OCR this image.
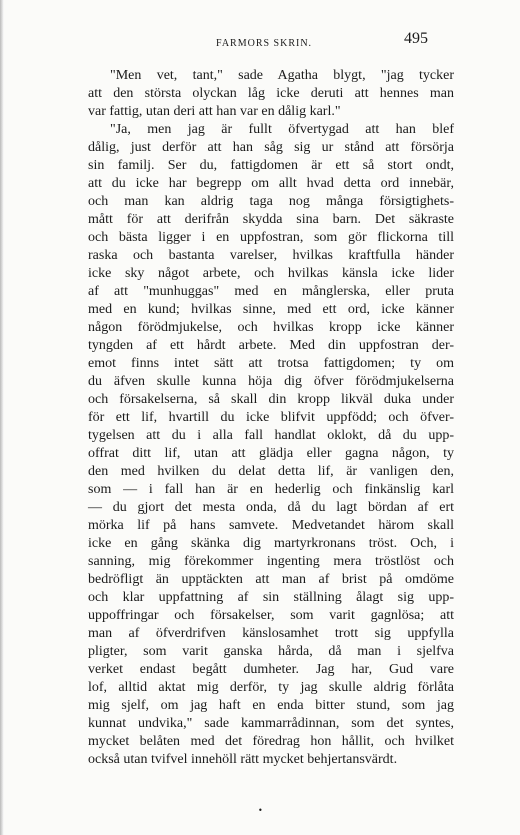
FARMORS SKRIN.	495
"Men vet, tant," sade Agatha blygt, "jag tycker
att den största olyckan låg icke deruti att hennes man
var fattig, utan deri att han var en dålig karl."
"Ja, men jag är fullt öfvertygad att han blef
dålig, just derför att han såg sig ur stånd att försörja
sin familj. Ser du, fattigdomen är ett så stort ondt,
att du icke har begrepp om allt hvad detta ord innebär,
och man kan aldrig taga nog många försigtighets-
mått för att derifrån skydda sina barn. Det säkraste
och bästa ligger i en uppfostran, som gör flickorna till
raska och bastanta varelser, hvilkas kraftfulla händer
icke sky något arbete, och hvilkas känsla icke lider
af att "munhuggas" med en månglerska, eller pruta
med en kund; hvilkas sinne, med ett ord, icke känner
någon förödmjukelse, och hvilkas kropp icke känner
tyngden af ett hårdt arbete. Med din uppfostran der-
emot finns intet sätt att trotsa fattigdomen; ty om
du äfven skulle kunna höja dig öfver förödmjukelserna
och försakelserna, så skall din kropp likväl duka under
för ett lif, hvartill du icke blifvit uppfödd; och öfver-
tygelsen att du i alla fall handlat oklokt, då du upp-
offrat ditt lif, utan att glädja eller gagna någon, ty
den med hvilken du delat detta lif, är vanligen den,
som — i fall han är en hederlig och finkänslig karl
— du gjort det mesta onda, då du lagt bördan af ert
mörka lif på hans samvete. Medvetandet härom skall
icke en gång skänka dig martyrkronans tröst. Och, i
sanning, mig förekommer ingenting mera tröstlöst och
bedröfligt än upptäckten att man af brist på omdöme
och klar uppfattning af sin ställning ålagt sig upp-
uppoffringar och försakelser, som varit gagnlösa; att
man af öfverdrifven känslosamhet trott sig uppfylla
pligter, som varit ganska hårda, då man i sjelfva
verket endast begått dumheter. Jag har, Gud vare
lof, alltid aktat mig derför, ty jag skulle aldrig förlåta
mig sjelf, om jag haft en enda bitter stund, som jag
kunnat undvika," sade kammarrådinnan, som det syntes,
mycket belåten med det föredrag hon hållit, och hvilket
också utan tvifvel innehöll rätt mycket behjertansvärdt.
•
